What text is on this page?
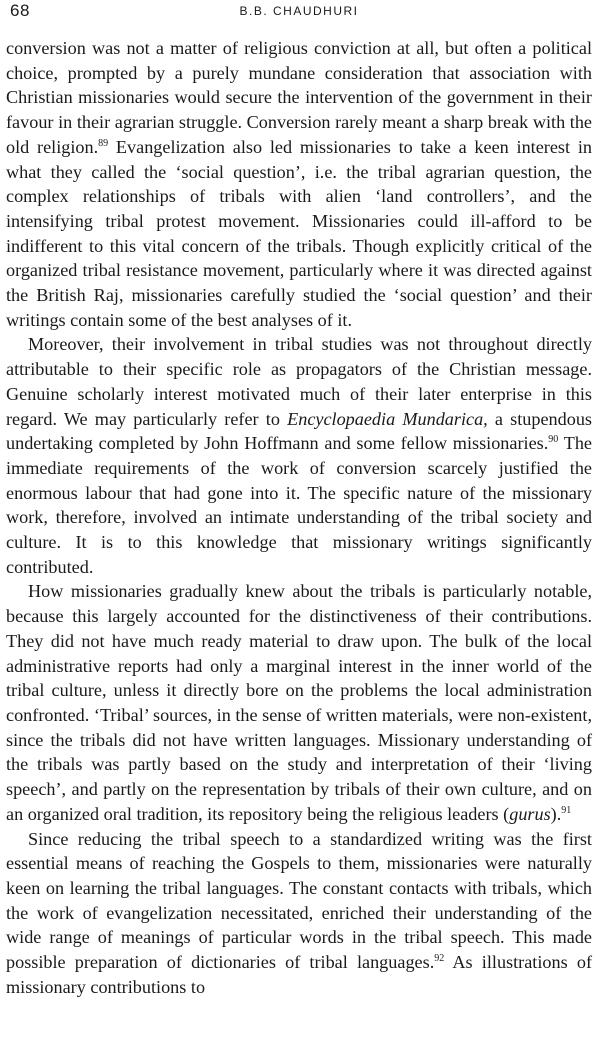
68	B.B. CHAUDHURI

conversion was not a matter of religious conviction at all, but often a political choice, prompted by a purely mundane consideration that association with Christian missionaries would secure the intervention of the government in their favour in their agrarian struggle. Conversion rarely meant a sharp break with the old religion.$^{89}$ Evangelization also led missionaries to take a keen interest in what they called the ‘social question’, i.e. the tribal agrarian question, the complex relationships of tribals with alien ‘land controllers’, and the intensifying tribal protest movement. Missionaries could ill-afford to be indifferent to this vital concern of the tribals. Though explicitly critical of the organized tribal resistance movement, particularly where it was directed against the British Raj, missionaries carefully studied the ‘social question’ and their writings contain some of the best analyses of it.

Moreover, their involvement in tribal studies was not throughout directly attributable to their specific role as propagators of the Christian message. Genuine scholarly interest motivated much of their later enterprise in this regard. We may particularly refer to Encyclopaedia Mundarica, a stupendous undertaking completed by John Hoffmann and some fellow missionaries.$^{90}$ The immediate requirements of the work of conversion scarcely justified the enormous labour that had gone into it. The specific nature of the missionary work, therefore, involved an intimate understanding of the tribal society and culture. It is to this knowledge that missionary writings significantly contributed.

How missionaries gradually knew about the tribals is particularly notable, because this largely accounted for the distinctiveness of their contributions. They did not have much ready material to draw upon. The bulk of the local administrative reports had only a marginal interest in the inner world of the tribal culture, unless it directly bore on the problems the local administration confronted. ‘Tribal’ sources, in the sense of written materials, were non-existent, since the tribals did not have written languages. Missionary understanding of the tribals was partly based on the study and interpretation of their ‘living speech’, and partly on the representation by tribals of their own culture, and on an organized oral tradition, its repository being the religious leaders (gurus).$^{91}$

Since reducing the tribal speech to a standardized writing was the first essential means of reaching the Gospels to them, missionaries were naturally keen on learning the tribal languages. The constant contacts with tribals, which the work of evangelization necessitated, enriched their understanding of the wide range of meanings of particular words in the tribal speech. This made possible preparation of dictionaries of tribal languages.$^{92}$ As illustrations of missionary contributions to
